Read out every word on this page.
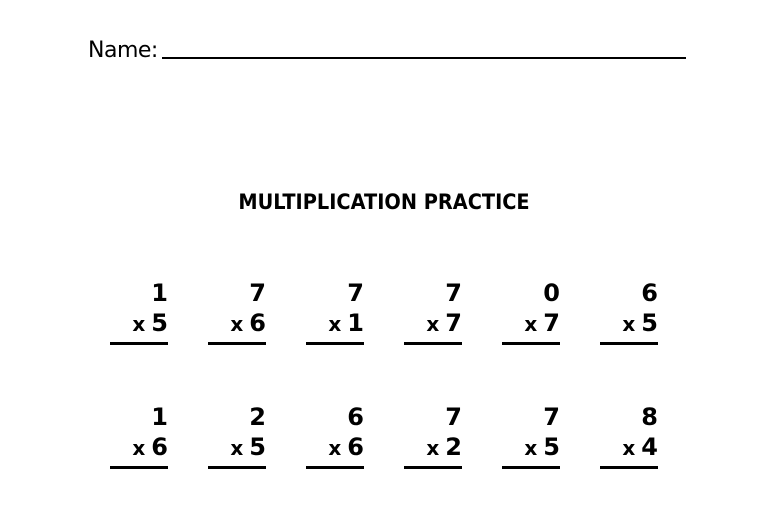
Name:
MULTIPLICATION PRACTICE
1
x 5
7
x 6
7
x 1
7
x 7
0
x 7
6
x 5
1
x 6
2
x 5
6
x 6
7
x 2
7
x 5
8
x 4
